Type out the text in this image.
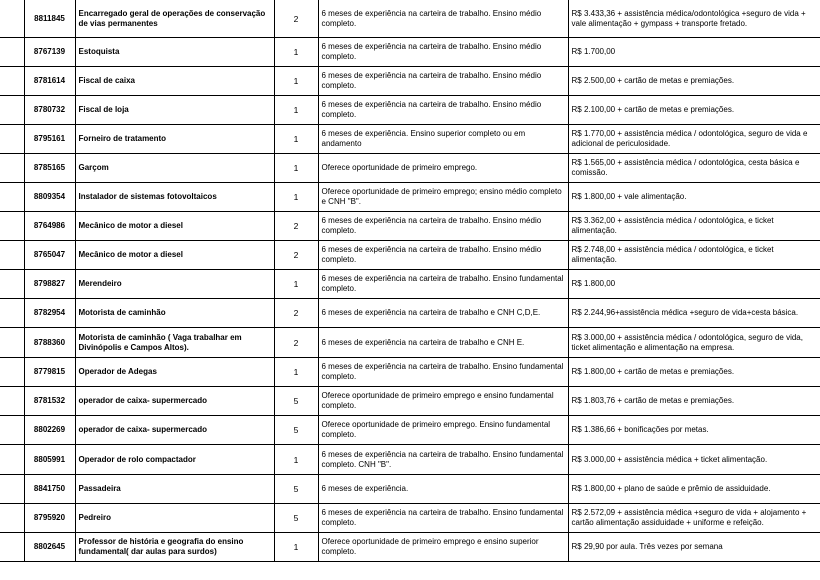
	8811845	Encarregado geral de operações de conservação de vias permanentes	2	6 meses de experiência na carteira de trabalho. Ensino médio completo.	R$ 3.433,36 + assistência médica/odontológica +seguro de vida + vale alimentação + gympass + transporte fretado.
	8767139	Estoquista	1	6 meses de experiência na carteira de trabalho. Ensino médio completo.	R$ 1.700,00
	8781614	Fiscal de caixa	1	6 meses de experiência na carteira de trabalho. Ensino médio completo.	R$ 2.500,00 + cartão de metas e premiações.
	8780732	Fiscal de loja	1	6 meses de experiência na carteira de trabalho. Ensino médio completo.	R$ 2.100,00 + cartão de metas e premiações.
	8795161	Forneiro de tratamento	1	6 meses de experiência. Ensino superior completo ou em andamento	R$ 1.770,00 + assistência médica / odontológica, seguro de vida e adicional de periculosidade.
	8785165	Garçom	1	Oferece oportunidade de primeiro emprego.	R$ 1.565,00 + assistência médica / odontológica, cesta básica e comissão.
	8809354	Instalador de sistemas fotovoltaicos	1	Oferece oportunidade de primeiro emprego; ensino médio completo e CNH "B".	R$ 1.800,00 + vale alimentação.
	8764986	Mecânico de motor a diesel	2	6 meses de experiência na carteira de trabalho. Ensino médio completo.	R$ 3.362,00 + assistência médica / odontológica, e ticket alimentação.
	8765047	Mecânico de motor a diesel	2	6 meses de experiência na carteira de trabalho. Ensino médio completo.	R$ 2.748,00 + assistência médica / odontológica, e ticket alimentação.
	8798827	Merendeiro	1	6 meses de experiência na carteira de trabalho. Ensino fundamental completo.	R$ 1.800,00
	8782954	Motorista de caminhão	2	6 meses de experiência na carteira de trabalho e CNH C,D,E.	R$ 2.244,96+assistência médica +seguro de vida+cesta básica.
	8788360	Motorista de caminhão ( Vaga trabalhar em Divinópolis e Campos Altos).	2	6 meses de experiência na carteira de trabalho e CNH E.	R$ 3.000,00 + assistência médica / odontológica, seguro de vida, ticket alimentação e alimentação na empresa.
	8779815	Operador de Adegas	1	6 meses de experiência na carteira de trabalho. Ensino fundamental completo.	R$ 1.800,00 + cartão de metas e premiações.
	8781532	operador de caixa- supermercado	5	Oferece oportunidade de primeiro emprego e ensino fundamental completo.	R$ 1.803,76 + cartão de metas e premiações.
	8802269	operador de caixa- supermercado	5	Oferece oportunidade de primeiro emprego. Ensino fundamental completo.	R$ 1.386,66 + bonificações por metas.
	8805991	Operador de rolo compactador	1	6 meses de experiência na carteira de trabalho. Ensino fundamental completo. CNH "B".	R$ 3.000,00 + assistência médica + ticket alimentação.
	8841750	Passadeira	5	6 meses de experiência.	R$ 1.800,00 + plano de saúde e prêmio de assiduidade.
	8795920	Pedreiro	5	6 meses de experiência na carteira de trabalho. Ensino fundamental completo.	R$ 2.572,09 + assistência médica +seguro de vida + alojamento + cartão alimentação assiduidade + uniforme e refeição.
	8802645	Professor de história e geografia do ensino fundamental( dar aulas para surdos)	1	Oferece oportunidade de primeiro emprego e ensino superior completo.	R$ 29,90 por aula. Três vezes por semana
